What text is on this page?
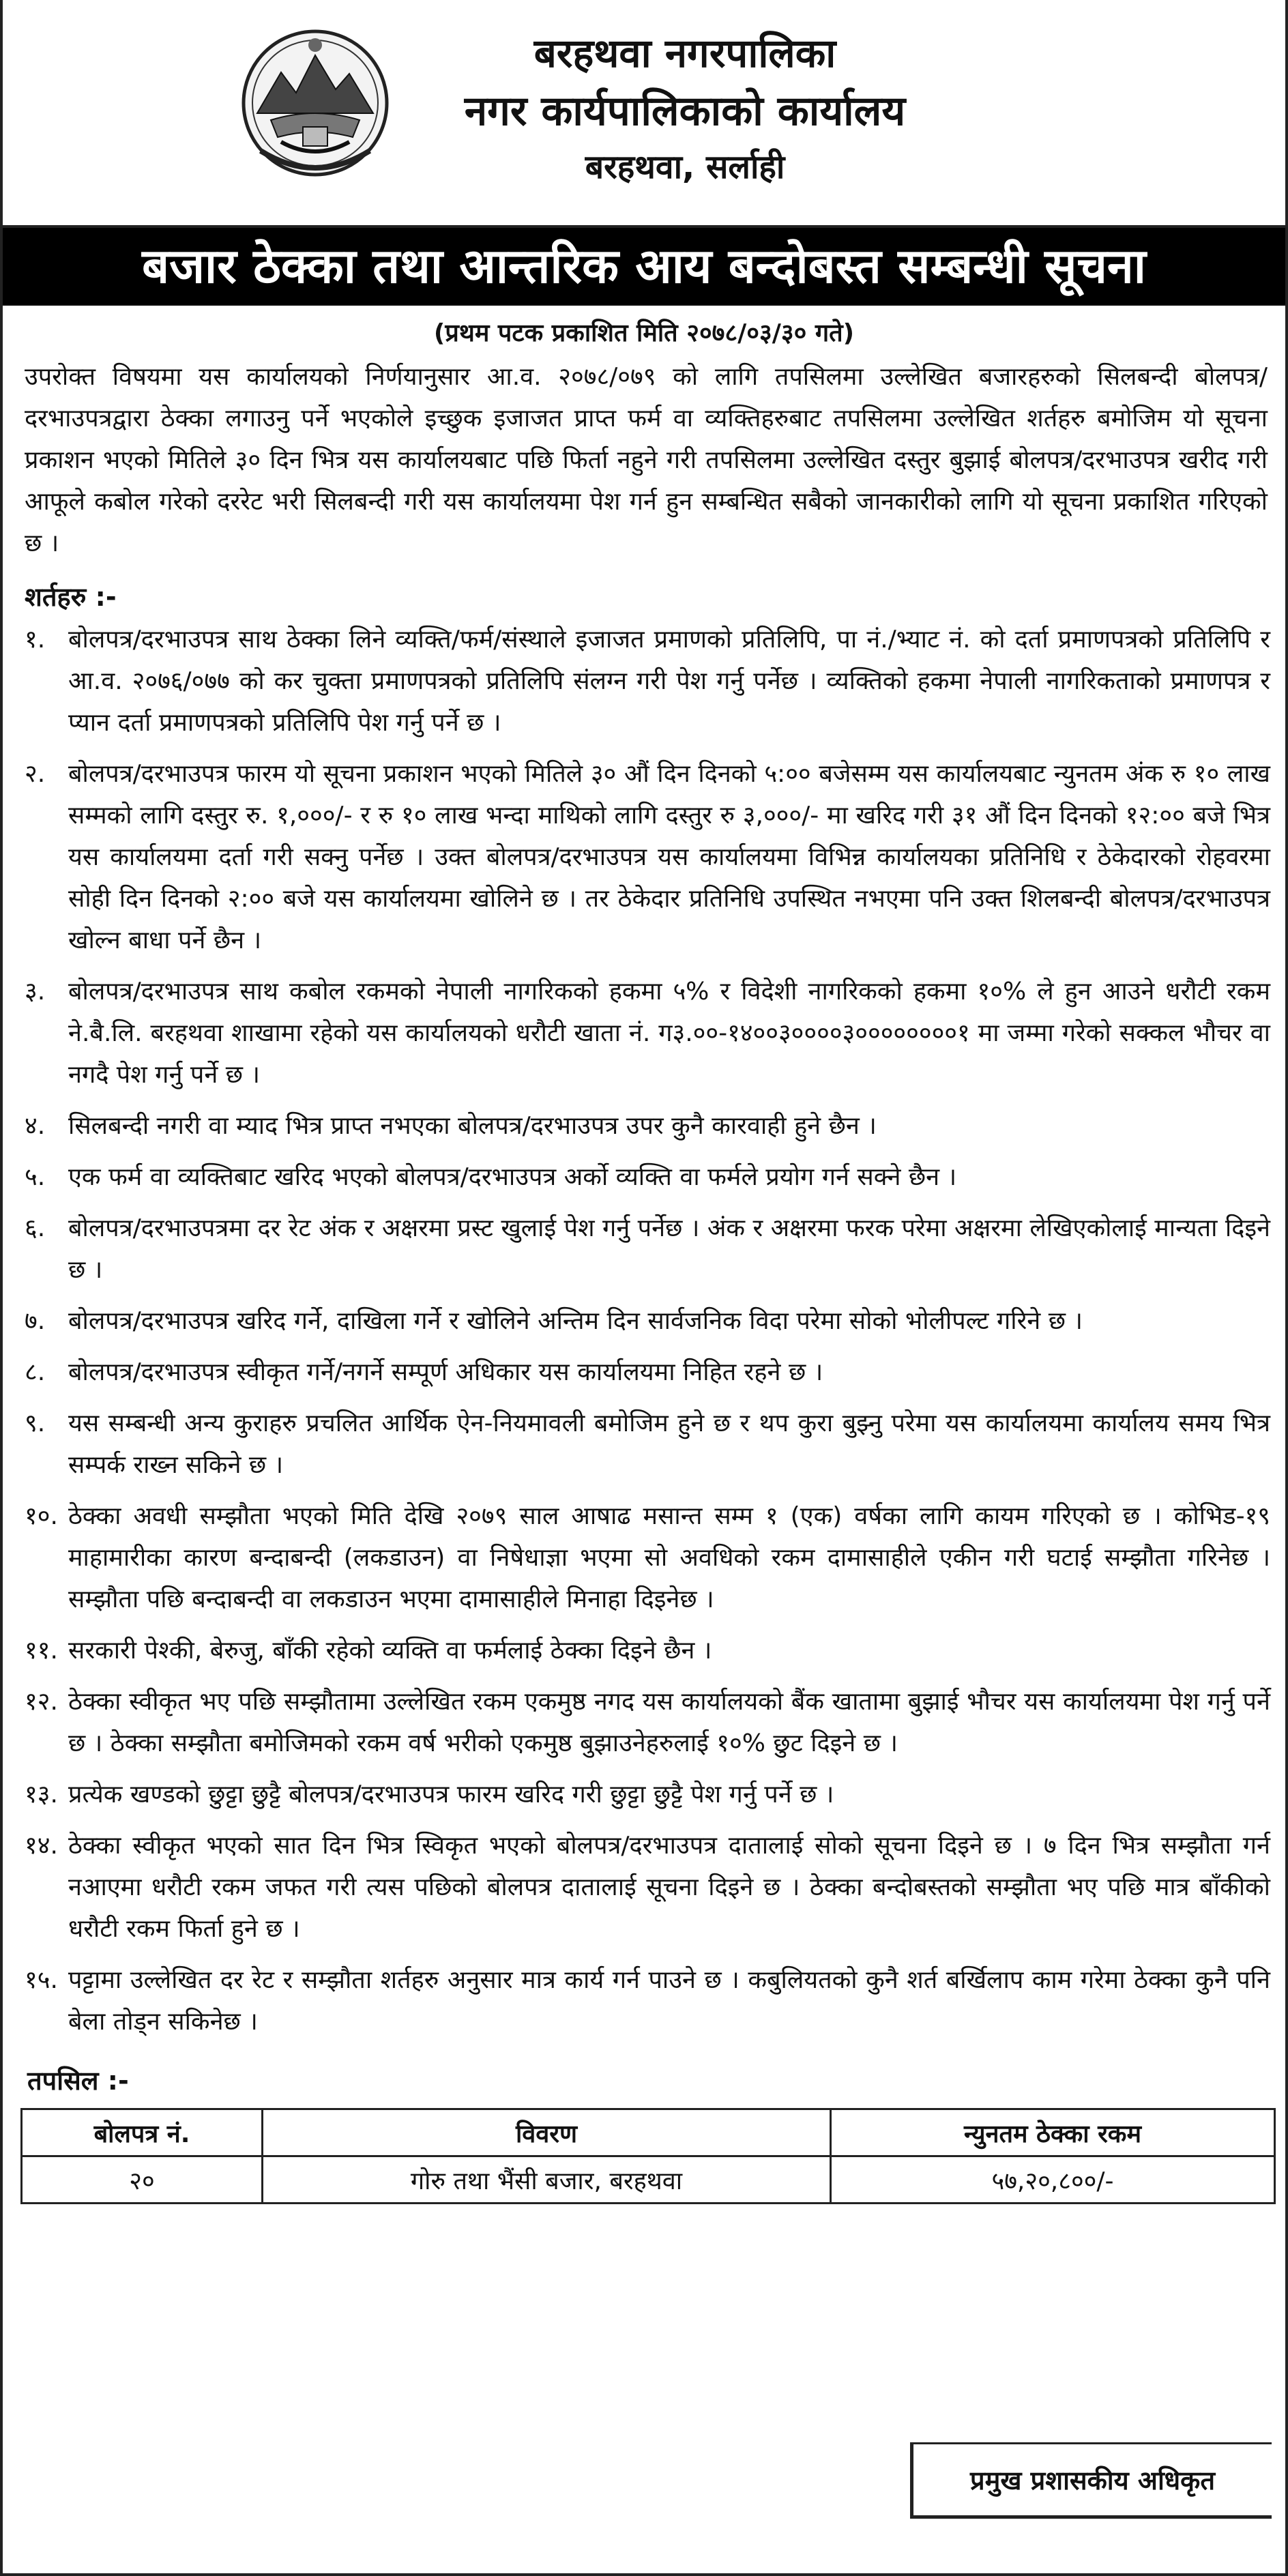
बरहथवा नगरपालिका
नगर कार्यपालिकाको कार्यालय
बरहथवा, सर्लाही
बजार ठेक्का तथा आन्तरिक आय बन्दोबस्त सम्बन्धी सूचना
(प्रथम पटक प्रकाशित मिति २०७८/०३/३० गते)

उपरोक्त विषयमा यस कार्यालयको निर्णयानुसार आ.व. २०७८/०७९ को लागि तपसिलमा उल्लेखित बजारहरुको सिलबन्दी बोलपत्र/दरभाउपत्रद्वारा ठेक्का लगाउनु पर्ने भएकोले इच्छुक इजाजत प्राप्त फर्म वा व्यक्तिहरुबाट तपसिलमा उल्लेखित शर्तहरु बमोजिम यो सूचना प्रकाशन भएको मितिले ३० दिन भित्र यस कार्यालयबाट पछि फिर्ता नहुने गरी तपसिलमा उल्लेखित दस्तुर बुझाई बोलपत्र/दरभाउपत्र खरीद गरी आफूले कबोल गरेको दररेट भरी सिलबन्दी गरी यस कार्यालयमा पेश गर्न हुन सम्बन्धित सबैको जानकारीको लागि यो सूचना प्रकाशित गरिएको छ ।

शर्तहरु :-
१. बोलपत्र/दरभाउपत्र साथ ठेक्का लिने व्यक्ति/फर्म/संस्थाले इजाजत प्रमाणको प्रतिलिपि, पा नं./भ्याट नं. को दर्ता प्रमाणपत्रको प्रतिलिपि र आ.व. २०७६/०७७ को कर चुक्ता प्रमाणपत्रको प्रतिलिपि संलग्न गरी पेश गर्नु पर्नेछ । व्यक्तिको हकमा नेपाली नागरिकताको प्रमाणपत्र र प्यान दर्ता प्रमाणपत्रको प्रतिलिपि पेश गर्नु पर्ने छ ।
२. बोलपत्र/दरभाउपत्र फारम यो सूचना प्रकाशन भएको मितिले ३० औं दिन दिनको ५:०० बजेसम्म यस कार्यालयबाट न्युनतम अंक रु १० लाख सम्मको लागि दस्तुर रु. १,०००/- र रु १० लाख भन्दा माथिको लागि दस्तुर रु ३,०००/- मा खरिद गरी ३१ औं दिन दिनको १२:०० बजे भित्र यस कार्यालयमा दर्ता गरी सक्नु पर्नेछ । उक्त बोलपत्र/दरभाउपत्र यस कार्यालयमा विभिन्न कार्यालयका प्रतिनिधि र ठेकेदारको रोहवरमा सोही दिन दिनको २:०० बजे यस कार्यालयमा खोलिने छ । तर ठेकेदार प्रतिनिधि उपस्थित नभएमा पनि उक्त शिलबन्दी बोलपत्र/दरभाउपत्र खोल्न बाधा पर्ने छैन ।
३. बोलपत्र/दरभाउपत्र साथ कबोल रकमको नेपाली नागरिकको हकमा ५% र विदेशी नागरिकको हकमा १०% ले हुन आउने धरौटी रकम ने.बै.लि. बरहथवा शाखामा रहेको यस कार्यालयको धरौटी खाता नं. ग३.००-१४००३००००३००००००००१ मा जम्मा गरेको सक्कल भौचर वा नगदै पेश गर्नु पर्ने छ ।
४. सिलबन्दी नगरी वा म्याद भित्र प्राप्त नभएका बोलपत्र/दरभाउपत्र उपर कुनै कारवाही हुने छैन ।
५. एक फर्म वा व्यक्तिबाट खरिद भएको बोलपत्र/दरभाउपत्र अर्को व्यक्ति वा फर्मले प्रयोग गर्न सक्ने छैन ।
६. बोलपत्र/दरभाउपत्रमा दर रेट अंक र अक्षरमा प्रस्ट खुलाई पेश गर्नु पर्नेछ । अंक र अक्षरमा फरक परेमा अक्षरमा लेखिएकोलाई मान्यता दिइने छ ।
७. बोलपत्र/दरभाउपत्र खरिद गर्ने, दाखिला गर्ने र खोलिने अन्तिम दिन सार्वजनिक विदा परेमा सोको भोलीपल्ट गरिने छ ।
८. बोलपत्र/दरभाउपत्र स्वीकृत गर्ने/नगर्ने सम्पूर्ण अधिकार यस कार्यालयमा निहित रहने छ ।
९. यस सम्बन्धी अन्य कुराहरु प्रचलित आर्थिक ऐन-नियमावली बमोजिम हुने छ र थप कुरा बुझ्नु परेमा यस कार्यालयमा कार्यालय समय भित्र सम्पर्क राख्न सकिने छ ।
१०. ठेक्का अवधी सम्झौता भएको मिति देखि २०७९ साल आषाढ मसान्त सम्म १ (एक) वर्षका लागि कायम गरिएको छ । कोभिड-१९ माहामारीका कारण बन्दाबन्दी (लकडाउन) वा निषेधाज्ञा भएमा सो अवधिको रकम दामासाहीले एकीन गरी घटाई सम्झौता गरिनेछ । सम्झौता पछि बन्दाबन्दी वा लकडाउन भएमा दामासाहीले मिनाहा दिइनेछ ।
११. सरकारी पेश्की, बेरुजु, बाँकी रहेको व्यक्ति वा फर्मलाई ठेक्का दिइने छैन ।
१२. ठेक्का स्वीकृत भए पछि सम्झौतामा उल्लेखित रकम एकमुष्ठ नगद यस कार्यालयको बैंक खातामा बुझाई भौचर यस कार्यालयमा पेश गर्नु पर्ने छ । ठेक्का सम्झौता बमोजिमको रकम वर्ष भरीको एकमुष्ठ बुझाउनेहरुलाई १०% छुट दिइने छ ।
१३. प्रत्येक खण्डको छुट्टा छुट्टै बोलपत्र/दरभाउपत्र फारम खरिद गरी छुट्टा छुट्टै पेश गर्नु पर्ने छ ।
१४. ठेक्का स्वीकृत भएको सात दिन भित्र स्विकृत भएको बोलपत्र/दरभाउपत्र दातालाई सोको सूचना दिइने छ । ७ दिन भित्र सम्झौता गर्न नआएमा धरौटी रकम जफत गरी त्यस पछिको बोलपत्र दातालाई सूचना दिइने छ । ठेक्का बन्दोबस्तको सम्झौता भए पछि मात्र बाँकीको धरौटी रकम फिर्ता हुने छ ।
१५. पट्टामा उल्लेखित दर रेट र सम्झौता शर्तहरु अनुसार मात्र कार्य गर्न पाउने छ । कबुलियतको कुनै शर्त बर्खिलाप काम गरेमा ठेक्का कुनै पनि बेला तोड्न सकिनेछ ।
तपसिल :-
बोलपत्र नं.	विवरण	न्युनतम ठेक्का रकम
२०	गोरु तथा भैंसी बजार, बरहथवा	५७,२०,८००/-
प्रमुख प्रशासकीय अधिकृत
